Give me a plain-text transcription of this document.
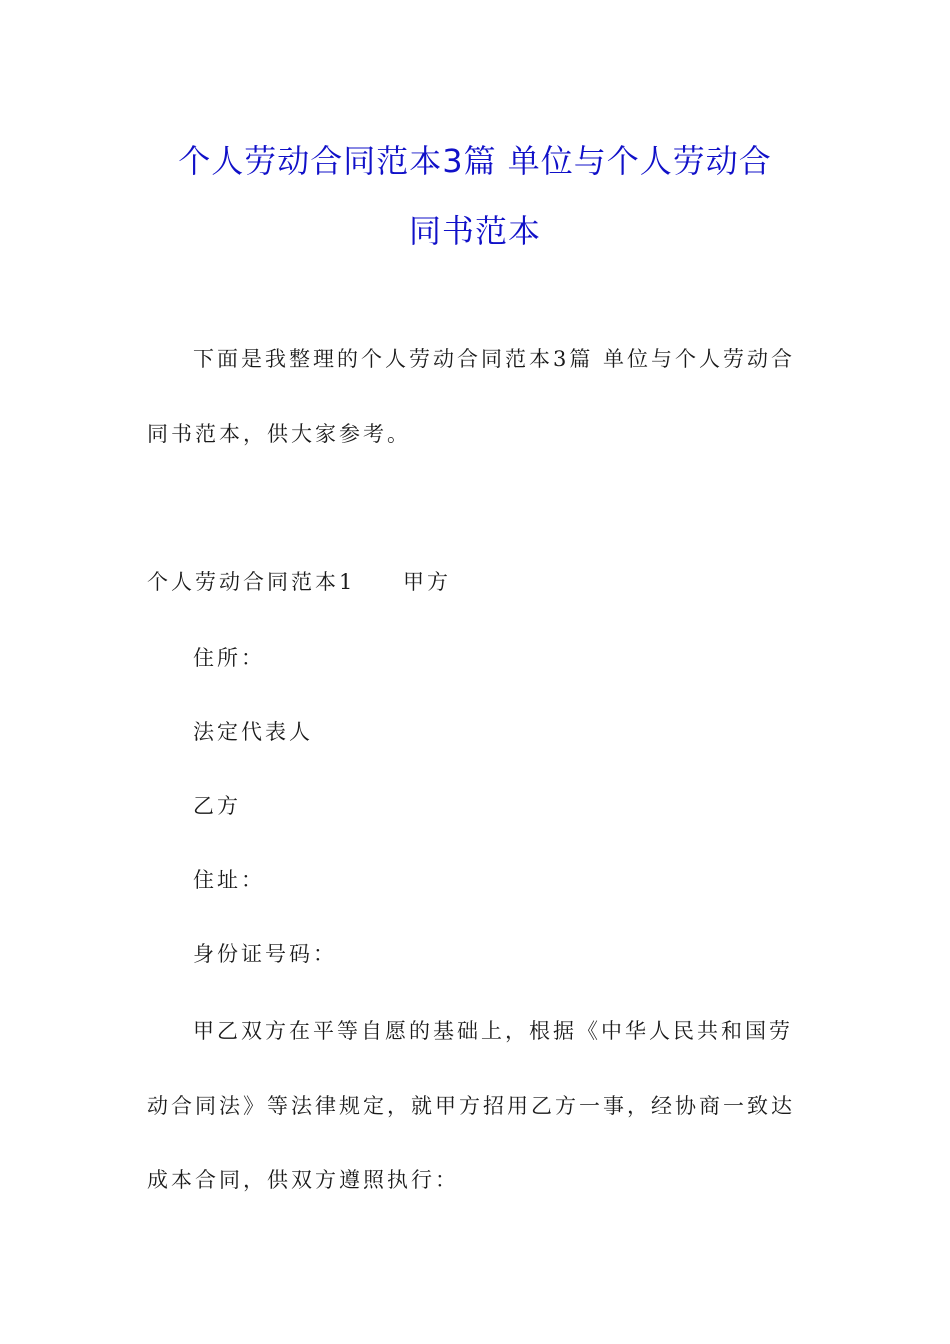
个人劳动合同范本3篇 单位与个人劳动合
同书范本
下面是我整理的个人劳动合同范本3篇 单位与个人劳动合
同书范本，供大家参考。
个人劳动合同范本1 甲方
住所：
法定代表人
乙方
住址：
身份证号码：
甲乙双方在平等自愿的基础上，根据《中华人民共和国劳
动合同法》等法律规定，就甲方招用乙方一事，经协商一致达
成本合同，供双方遵照执行：
